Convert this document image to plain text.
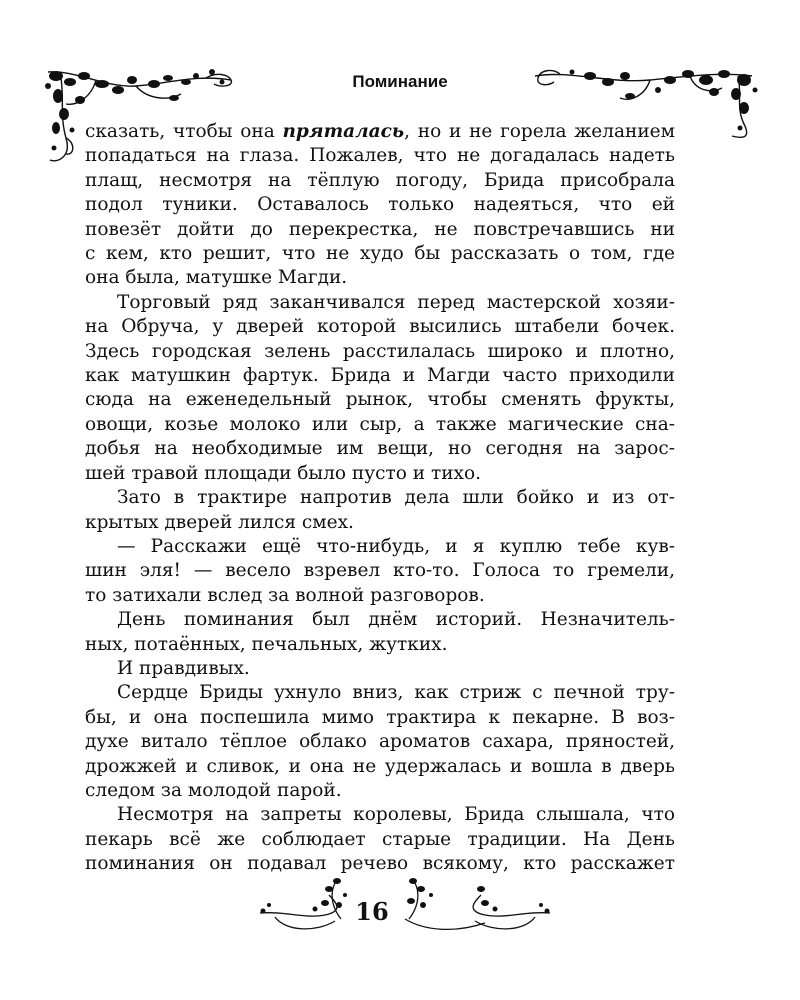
Поминание

сказать, чтобы она пряталась, но и не горела желанием

попадаться на глаза. Пожалев, что не догадалась надеть

плащ, несмотря на тёплую погоду, Брида присобрала

подол туники. Оставалось только надеяться, что ей

повезёт дойти до перекрестка, не повстречавшись ни

с кем, кто решит, что не худо бы рассказать о том, где

она была, матушке Магди.

Торговый ряд заканчивался перед мастерской хозяи-

на Обруча, у дверей которой высились штабели бочек.

Здесь городская зелень расстилалась широко и плотно,

как матушкин фартук. Брида и Магди часто приходили

сюда на еженедельный рынок, чтобы сменять фрукты,

овощи, козье молоко или сыр, а также магические сна-

добья на необходимые им вещи, но сегодня на зарос-

шей травой площади было пусто и тихо.

Зато в трактире напротив дела шли бойко и из от-

крытых дверей лился смех.

— Расскажи ещё что-нибудь, и я куплю тебе кув-

шин эля! — весело взревел кто-то. Голоса то гремели,

то затихали вслед за волной разговоров.

День поминания был днём историй. Незначитель-

ных, потаённых, печальных, жутких.

И правдивых.

Сердце Бриды ухнуло вниз, как стриж с печной тру-

бы, и она поспешила мимо трактира к пекарне. В воз-

духе витало тёплое облако ароматов сахара, пряностей,

дрожжей и сливок, и она не удержалась и вошла в дверь

следом за молодой парой.

Несмотря на запреты королевы, Брида слышала, что

пекарь всё же соблюдает старые традиции. На День

поминания он подавал речево всякому, кто расскажет

16
